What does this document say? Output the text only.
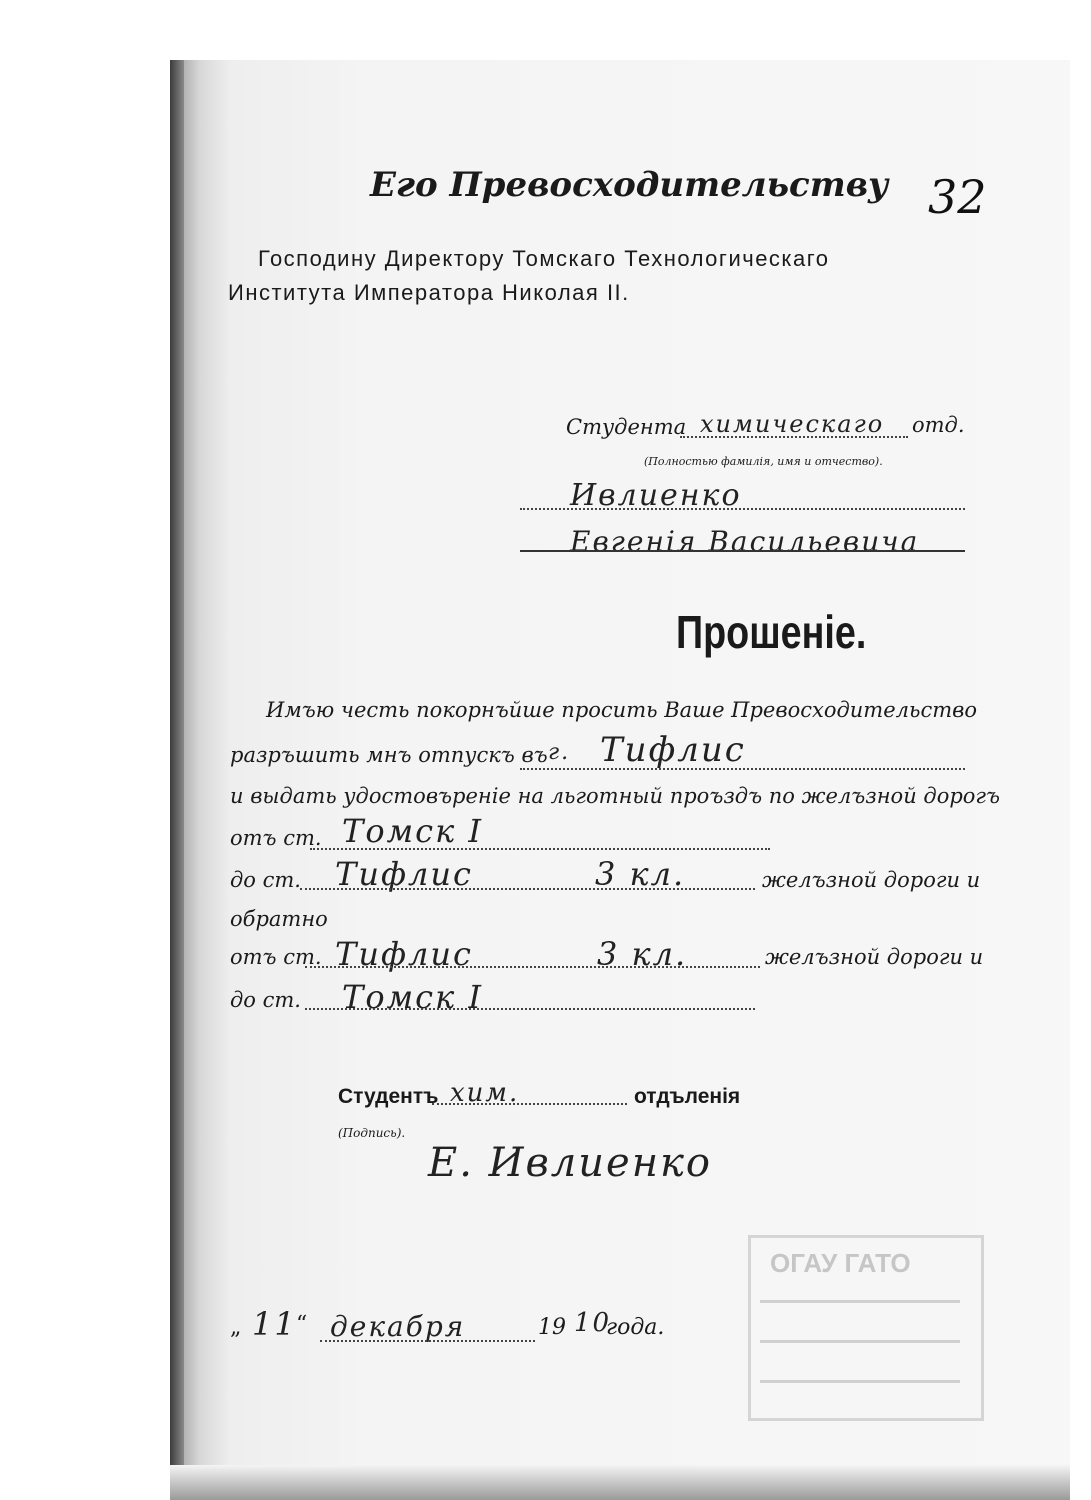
Его Превосходительству 32
Господину Директору Томскаго Технологическаго
Института Императора Николая II.
Студента химическаго отд.
(Полностью фамилія, имя и отчество).
Ивлиенко
Евгенія Васильевича
Прошеніе.
Имъю честь покорнъйше просить Ваше Превосходительство
разръшить мнъ отпускъ въ г. Тифлис
и выдать удостовъреніе на льготный проъздъ по желъзной дорогъ
отъ ст. Томск I
до ст. Тифлис	3 кл.	желъзной дороги и
обратно
отъ ст. Тифлис	3 кл.	желъзной дороги и
до ст. Томск I
Студентъ хим.	отдъленія
(Подпись).
Е. Ивлиенко
ОГАУ ГАТО
„ 11 “ декабря	19 10
года.
